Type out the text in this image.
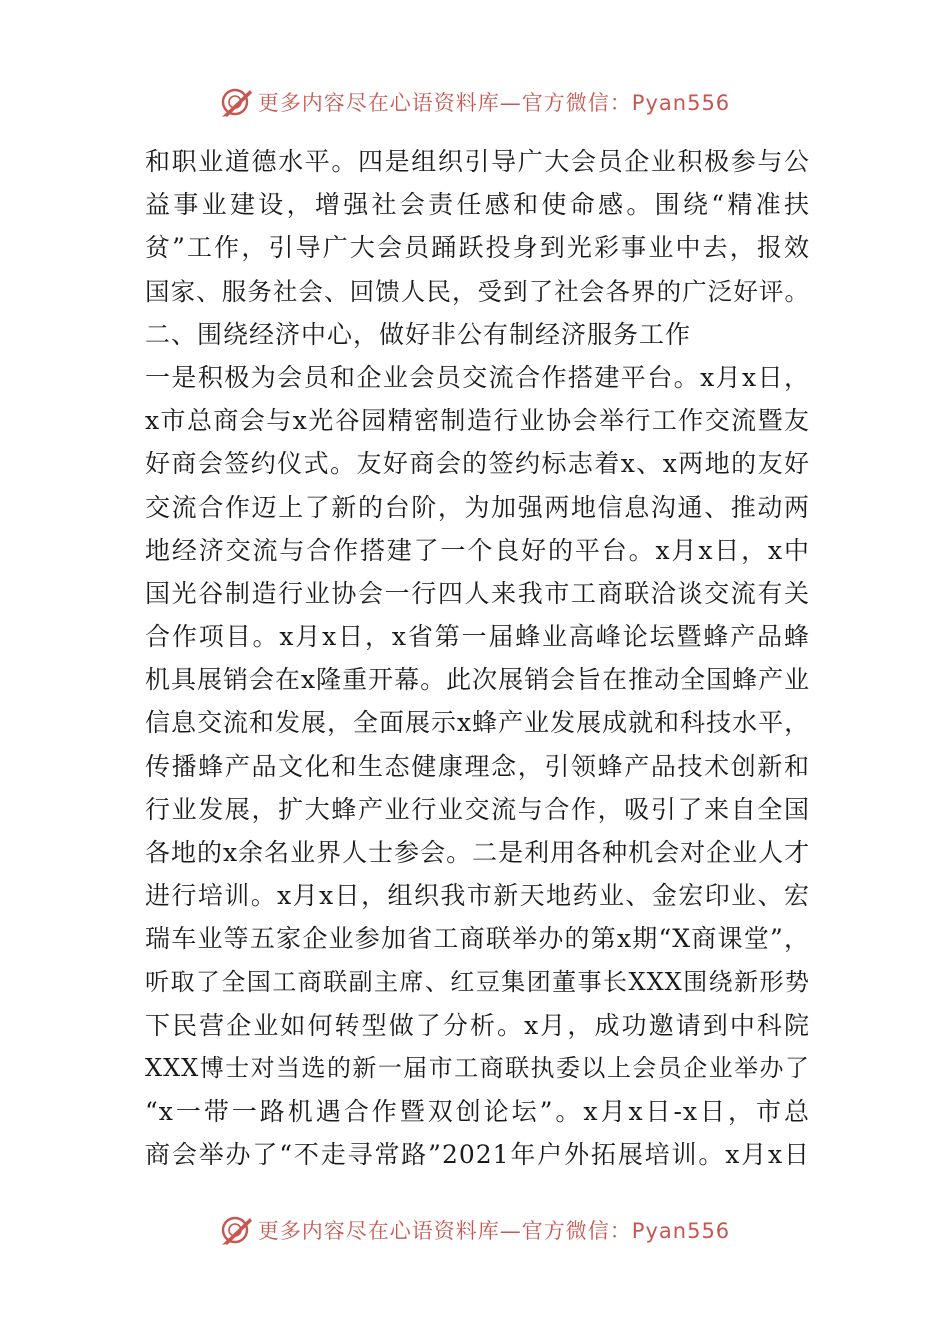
更多内容尽在心语资料库—官方微信：Pyan556
和职业道德水平。四是组织引导广大会员企业积极参与公
益事业建设，增强社会责任感和使命感。围绕“精准扶
贫”工作，引导广大会员踊跃投身到光彩事业中去，报效
国家、服务社会、回馈人民，受到了社会各界的广泛好评。
二、围绕经济中心，做好非公有制经济服务工作
一是积极为会员和企业会员交流合作搭建平台。x月x日，
x市总商会与x光谷园精密制造行业协会举行工作交流暨友
好商会签约仪式。友好商会的签约标志着x、x两地的友好
交流合作迈上了新的台阶，为加强两地信息沟通、推动两
地经济交流与合作搭建了一个良好的平台。x月x日，x中
国光谷制造行业协会一行四人来我市工商联洽谈交流有关
合作项目。x月x日，x省第一届蜂业高峰论坛暨蜂产品蜂
机具展销会在x隆重开幕。此次展销会旨在推动全国蜂产业
信息交流和发展，全面展示x蜂产业发展成就和科技水平，
传播蜂产品文化和生态健康理念，引领蜂产品技术创新和
行业发展，扩大蜂产业行业交流与合作，吸引了来自全国
各地的x余名业界人士参会。二是利用各种机会对企业人才
进行培训。x月x日，组织我市新天地药业、金宏印业、宏
瑞车业等五家企业参加省工商联举办的第x期“X商课堂”，
听取了全国工商联副主席、红豆集团董事长XXX围绕新形势
下民营企业如何转型做了分析。x月，成功邀请到中科院
XXX博士对当选的新一届市工商联执委以上会员企业举办了
“x一带一路机遇合作暨双创论坛”。x月x日-x日，市总
商会举办了“不走寻常路”2021年户外拓展培训。x月x日
更多内容尽在心语资料库—官方微信：Pyan556
